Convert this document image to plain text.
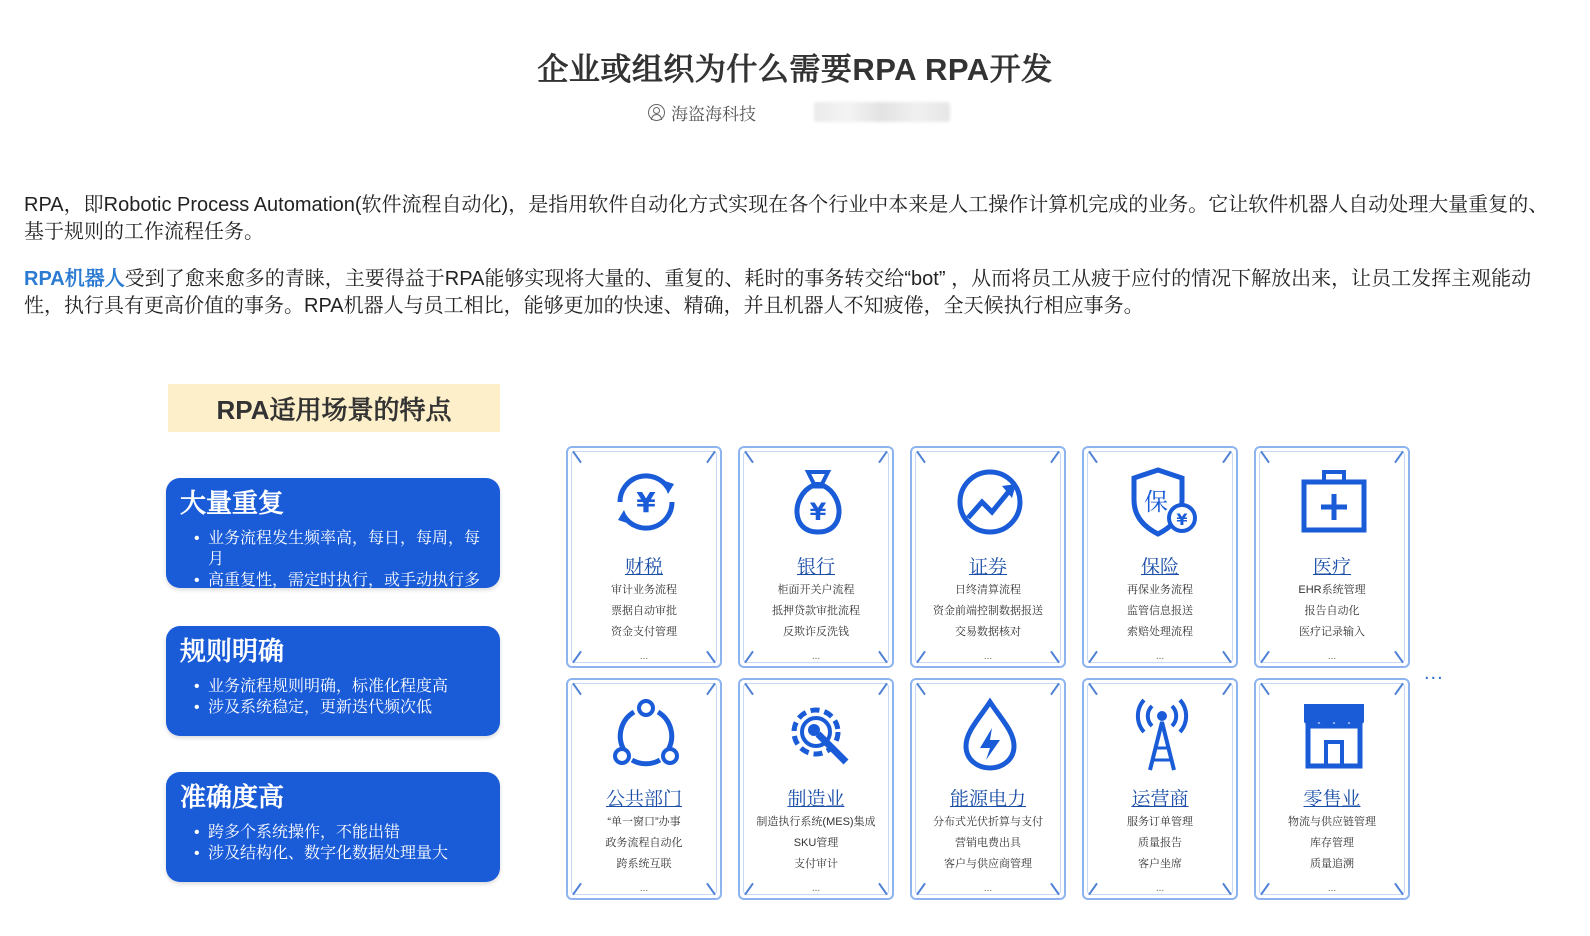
企业或组织为什么需要RPA RPA开发
海盗海科技

RPA，即Robotic Process Automation(软件流程自动化)，是指用软件自动化方式实现在各个行业中本来是人工操作计算机完成的业务。它让软件机器人自动处理大量重复的、基于规则的工作流程任务。

RPA机器人受到了愈来愈多的青睐，主要得益于RPA能够实现将大量的、重复的、耗时的事务转交给“bot” ，从而将员工从疲于应付的情况下解放出来，让员工发挥主观能动性，执行具有更高价值的事务。RPA机器人与员工相比，能够更加的快速、精确，并且机器人不知疲倦，全天候执行相应事务。

RPA适用场景的特点
大量重复
• 业务流程发生频率高，每日，每周，每月
• 高重复性，需定时执行，或手动执行多次
规则明确
• 业务流程规则明确，标准化程度高
• 涉及系统稳定，更新迭代频次低
准确度高
• 跨多个系统操作，不能出错
• 涉及结构化、数字化数据处理量大
¥
财税
审计业务流程
票据自动审批
资金支付管理
...
¥
银行
柜面开关户流程
抵押贷款审批流程
反欺诈反洗钱
...
证券
日终清算流程
资金前端控制数据报送
交易数据核对
...
保
¥
保险
再保业务流程
监管信息报送
索赔处理流程
...
医疗
EHR系统管理
报告自动化
医疗记录输入
...
公共部门
“单一窗口”办事
政务流程自动化
跨系统互联
...
制造业
制造执行系统(MES)集成
SKU管理
支付审计
...
能源电力
分布式光伏折算与支付
营销电费出具
客户与供应商管理
...
运营商
服务订单管理
质量报告
客户坐席
...
零售业
物流与供应链管理
库存管理
质量追溯
...
...
